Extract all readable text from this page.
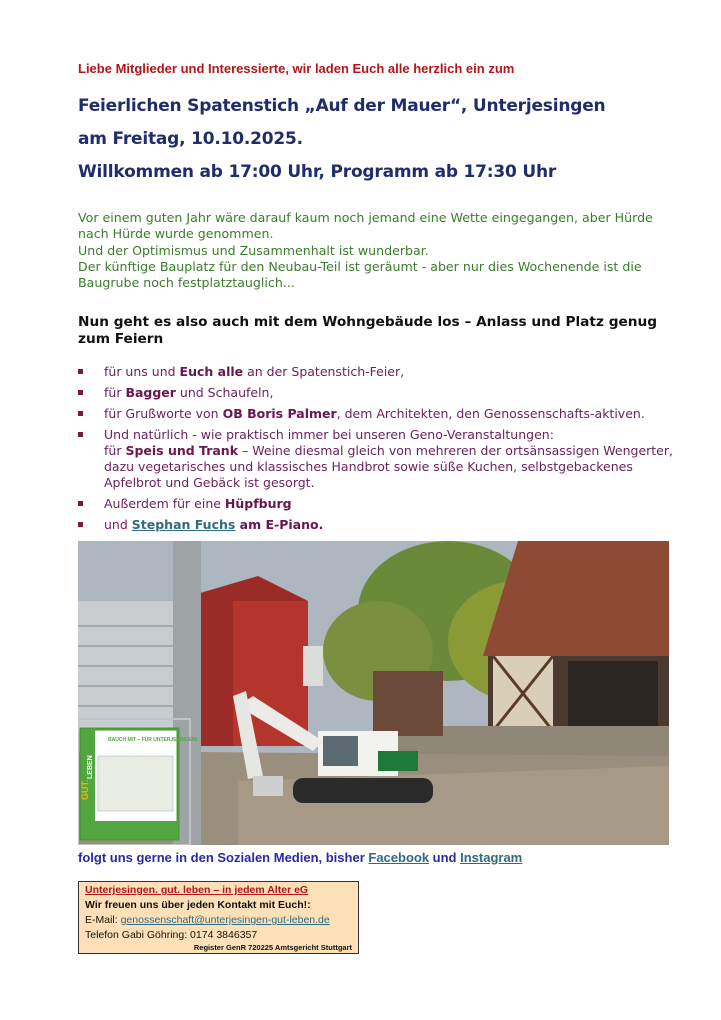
Liebe Mitglieder und Interessierte, wir laden Euch alle herzlich ein zum
Feierlichen Spatenstich „Auf der Mauer“, Unterjesingen
am Freitag, 10.10.2025.
Willkommen ab 17:00 Uhr, Programm ab 17:30 Uhr

Vor einem guten Jahr wäre darauf kaum noch jemand eine Wette eingegangen, aber Hürde nach Hürde wurde genommen.

Und der Optimismus und Zusammenhalt ist wunderbar.

Der künftige Bauplatz für den Neubau-Teil ist geräumt - aber nur dies Wochenende ist die Baugrube noch festplatztauglich...

Nun geht es also auch mit dem Wohngebäude los – Anlass und Platz genug zum Feiern
für uns und Euch alle an der Spatenstich-Feier,
für Bagger und Schaufeln,
für Grußworte von OB Boris Palmer, dem Architekten, den Genossenschafts-aktiven.
Und natürlich - wie praktisch immer bei unseren Geno-Veranstaltungen:
für Speis und Trank – Weine diesmal gleich von mehreren der ortsänsassigen Wengerter, dazu vegetarisches und klassisches Handbrot sowie süße Kuchen, selbstgebackenes Apfelbrot und Gebäck ist gesorgt.
Außerdem für eine Hüpfburg
und Stephan Fuchs am E-Piano.
BAUCH MIT – FÜR UNTERJESINGEN!
GUT.
LEBEN
folgt uns gerne in den Sozialen Medien, bisher Facebook und Instagram
Unterjesingen. gut. leben – in jedem Alter eG
Wir freuen uns über jeden Kontakt mit Euch!:
E-Mail: genossenschaft@unterjesingen-gut-leben.de
Telefon Gabi Göhring: 0174 3846357
Register GenR 720225 Amtsgericht Stuttgart
